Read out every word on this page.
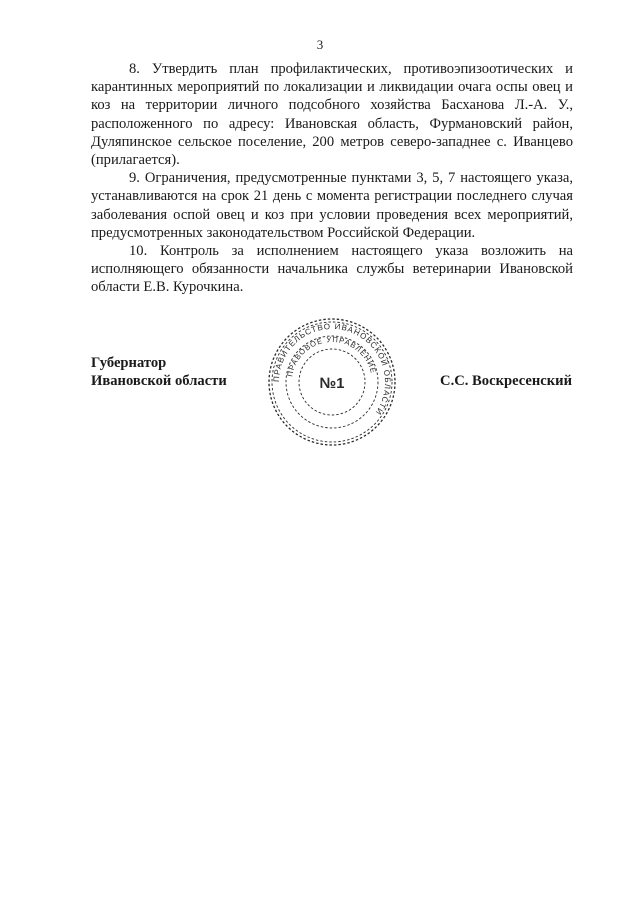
3

8. Утвердить план профилактических, противоэпизоотических и карантинных мероприятий по локализации и ликвидации очага оспы овец и коз на территории личного подсобного хозяйства Басханова Л.-А. У., расположенного по адресу: Ивановская область, Фурмановский район, Дуляпинское сельское поселение, 200 метров северо-западнее с. Иванцево (прилагается).

9. Ограничения, предусмотренные пунктами 3, 5, 7 настоящего указа, устанавливаются на срок 21 день с момента регистрации последнего случая заболевания оспой овец и коз при условии проведения всех мероприятий, предусмотренных законодательством Российской Федерации.

10. Контроль за исполнением настоящего указа возложить на исполняющего обязанности начальника службы ветеринарии Ивановской области Е.В. Курочкина.

Губернатор
Ивановской области	С.С. Воскресенский
ПРАВИТЕЛЬСТВО ИВАНОВСКОЙ ОБЛАСТИ
ПРАВОВОЕ УПРАВЛЕНИЕ
№1
